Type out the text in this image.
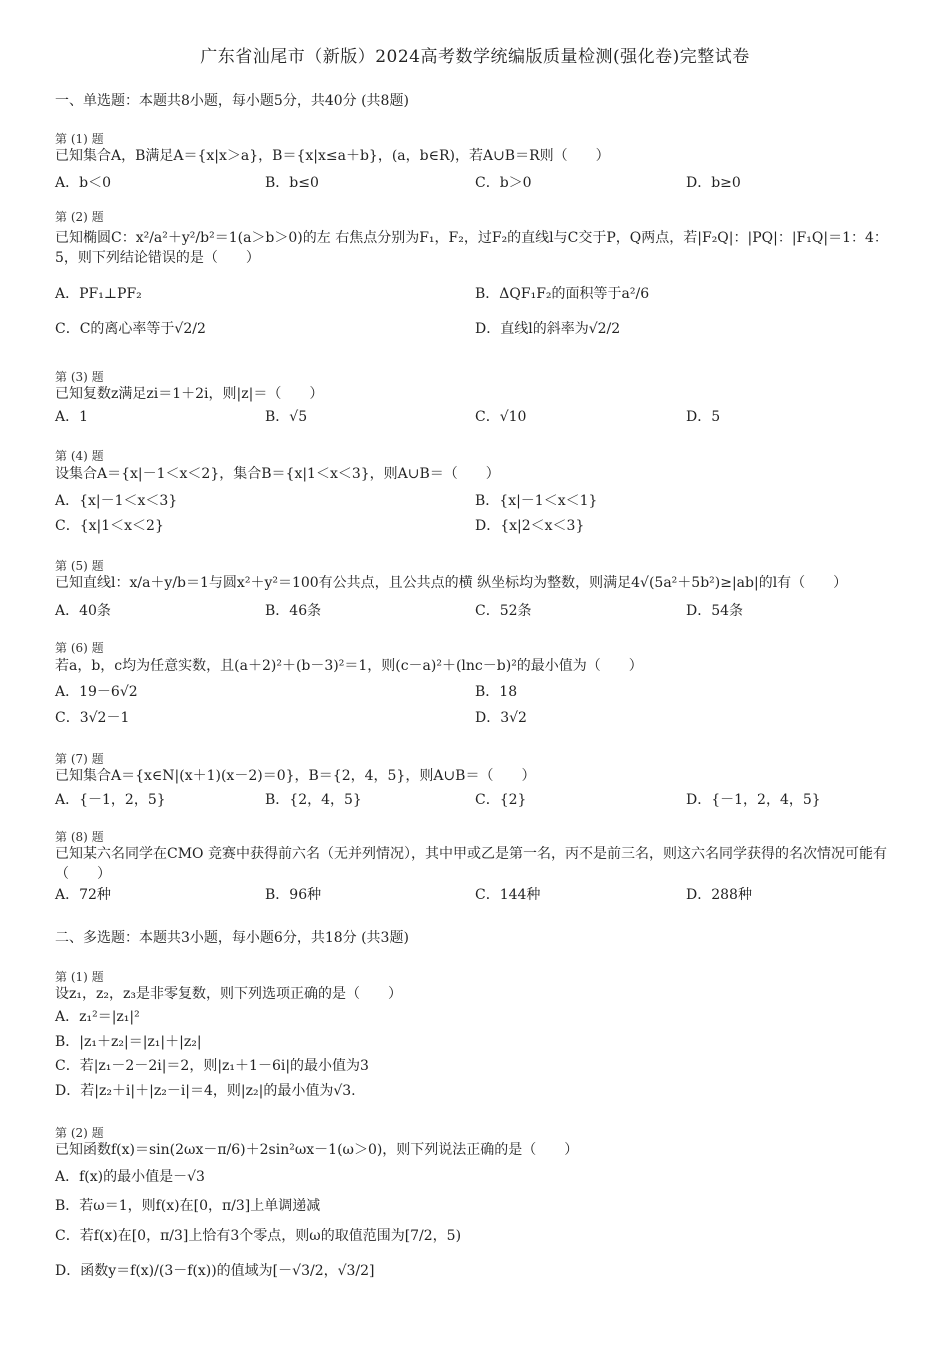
广东省汕尾市（新版）2024高考数学统编版质量检测(强化卷)完整试卷
一、单选题：本题共8小题，每小题5分，共40分 (共8题)
第 (1) 题
已知集合A，B满足A＝{x|x＞a}，B＝{x|x≤a＋b}，(a，b∈R)，若A∪B＝R则（　　）
A．b＜0	B．b≤0	C．b＞0	D．b≥0
第 (2) 题
已知椭圆C：x²/a²＋y²/b²＝1(a＞b＞0)的左 右焦点分别为F₁，F₂，过F₂的直线l与C交于P，Q两点，若|F₂Q|：|PQ|：|F₁Q|＝1：4：5，则下列结论错误的是（　　）
A．PF₁⊥PF₂	B．ΔQF₁F₂的面积等于a²/6
C．C的离心率等于√2/2	D．直线l的斜率为√2/2
第 (3) 题
已知复数z满足zi＝1＋2i，则|z|＝（　　）
A．1	B．√5	C．√10	D．5
第 (4) 题
设集合A＝{x|－1＜x＜2}，集合B＝{x|1＜x＜3}，则A∪B＝（　　）
A．{x|－1＜x＜3}	B．{x|－1＜x＜1}
C．{x|1＜x＜2}	D．{x|2＜x＜3}
第 (5) 题
已知直线l：x/a＋y/b＝1与圆x²＋y²＝100有公共点，且公共点的横 纵坐标均为整数，则满足4√(5a²＋5b²)≥|ab|的l有（　　）
A．40条	B．46条	C．52条	D．54条
第 (6) 题
若a，b，c均为任意实数，且(a＋2)²＋(b－3)²＝1，则(c－a)²＋(lnc－b)²的最小值为（　　）
A．19－6√2	B．18
C．3√2－1	D．3√2
第 (7) 题
已知集合A＝{x∈N|(x＋1)(x－2)＝0}，B＝{2，4，5}，则A∪B＝（　　）
A．{－1，2，5}	B．{2，4，5}	C．{2}	D．{－1，2，4，5}
第 (8) 题
已知某六名同学在CMO 竞赛中获得前六名（无并列情况），其中甲或乙是第一名，丙不是前三名，则这六名同学获得的名次情况可能有（　　）
A．72种	B．96种	C．144种	D．288种
二、多选题：本题共3小题，每小题6分，共18分 (共3题)
第 (1) 题
设z₁，z₂，z₃是非零复数，则下列选项正确的是（　　）
A．z₁²＝|z₁|²
B．|z₁＋z₂|＝|z₁|＋|z₂|
C．若|z₁－2－2i|＝2，则|z₁＋1－6i|的最小值为3
D．若|z₂＋i|＋|z₂－i|＝4，则|z₂|的最小值为√3.
第 (2) 题
已知函数f(x)＝sin(2ωx－π/6)＋2sin²ωx－1(ω＞0)，则下列说法正确的是（　　）
A．f(x)的最小值是－√3
B．若ω＝1，则f(x)在[0，π/3]上单调递减
C．若f(x)在[0，π/3]上恰有3个零点，则ω的取值范围为[7/2，5)
D．函数y＝f(x)/(3－f(x))的值域为[－√3/2，√3/2]
